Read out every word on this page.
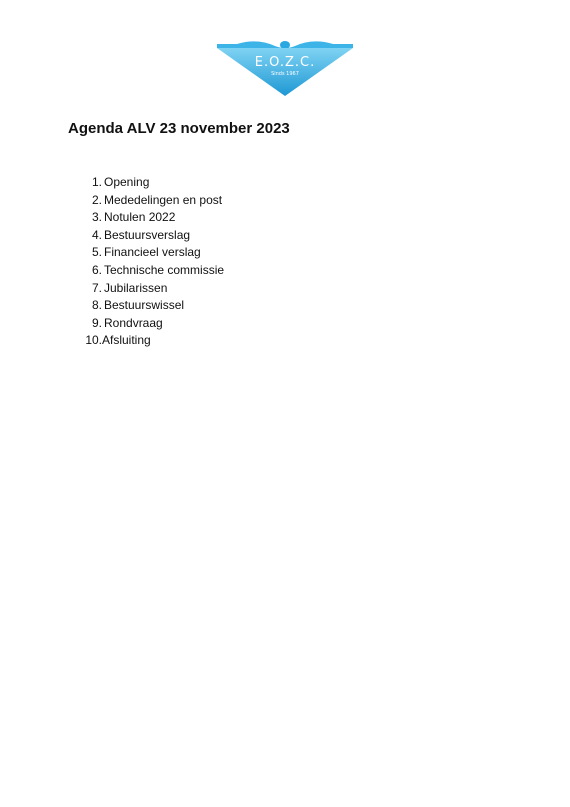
E.O.Z.C.
Sinds 1967
Agenda ALV 23 november 2023
1. Opening
2. Mededelingen en post
3. Notulen 2022
4. Bestuursverslag
5. Financieel verslag
6. Technische commissie
7. Jubilarissen
8. Bestuurswissel
9. Rondvraag
10. Afsluiting
